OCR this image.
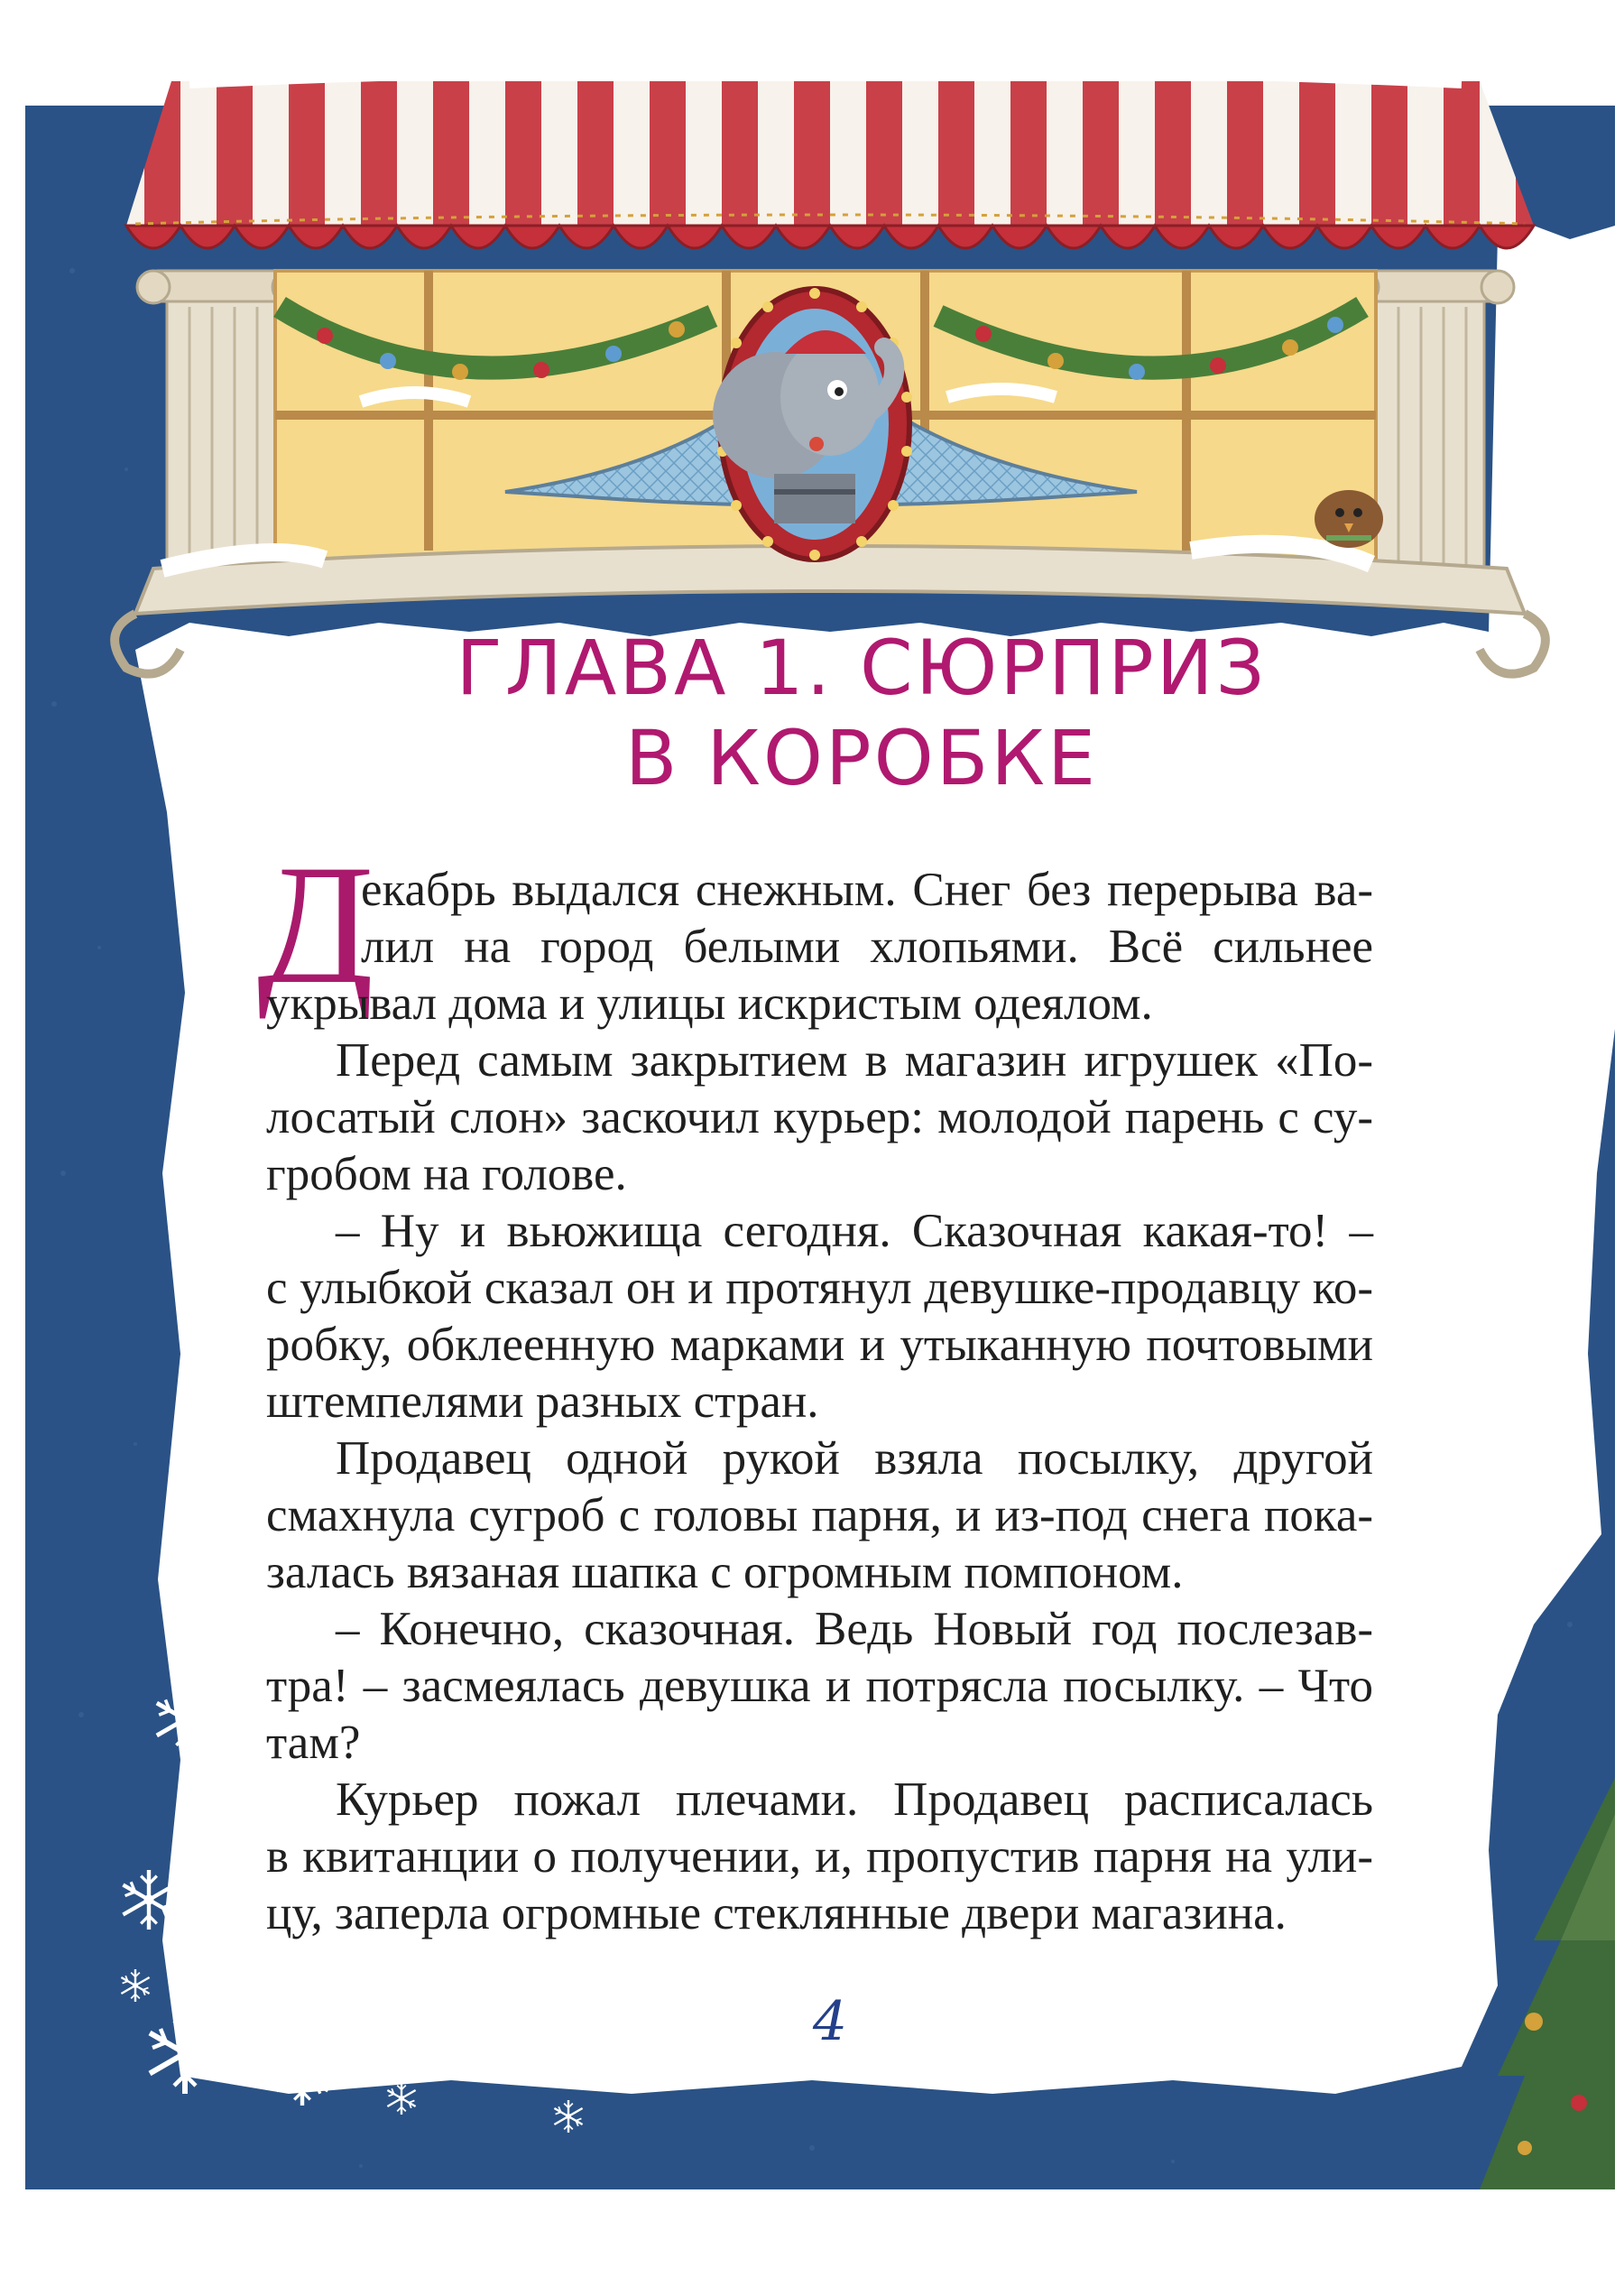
ГЛАВА 1. СЮРПРИЗ
В КОРОБКЕ
Д

екабрь выдался снежным. Снег без перерыва ва-

лил на город белыми хлопьями. Всё сильнее

укрывал дома и улицы искристым одеялом.

Перед самым закрытием в магазин игрушек «По-

лосатый слон» заскочил курьер: молодой парень с су-

гробом на голове.

– Ну и вьюжища сегодня. Сказочная какая-то! –

с улыбкой сказал он и протянул девушке-продавцу ко-

робку, обклеенную марками и утыканную почтовыми

штемпелями разных стран.

Продавец одной рукой взяла посылку, другой

смахнула сугроб с головы парня, и из-под снега пока-

залась вязаная шапка с огромным помпоном.

– Конечно, сказочная. Ведь Новый год послезав-

тра! – засмеялась девушка и потрясла посылку. – Что

там?

Курьер пожал плечами. Продавец расписалась

в квитанции о получении, и, пропустив парня на ули-

цу, заперла огромные стеклянные двери магазина.

4
